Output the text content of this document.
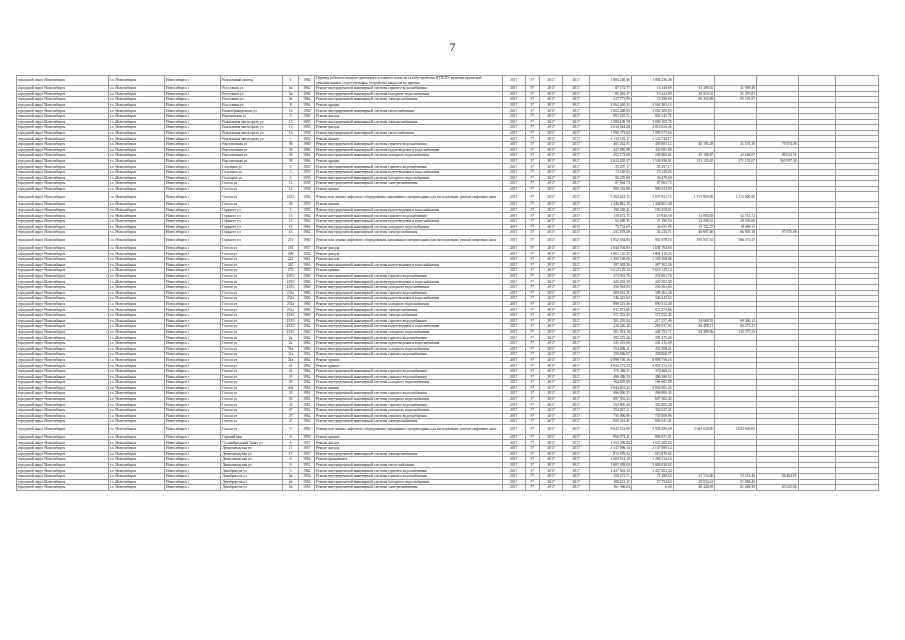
7
городской округ Новосибирск	г.о. Новосибирск	Новосибирск г	Вокзальный проезд	6	1962	Перевод рабочего газового/дизельного угольного котла на газ/обустройство ИТП/ПУ, включая проектной документации и сопутствующих, устройство пандусов на проемы	2017	5*	2017	2017	1 804 236,46	1 804 236,46					
городской округ Новосибирск	г.о. Новосибирск	Новосибирск г	Восстания ул	6а	1962	Ремонт внутридомовой инженерной системы горячего водоснабжения	2017	5*	2017	2017	87 172,77	14 149,69	31 389,92	41 958,40			
городской округ Новосибирск	г.о. Новосибирск	Новосибирск г	Восстания ул	6а	1962	Ремонт внутридомовой инженерной системы холодного водоснабжения	2017	5*	2017	2017	85 062,37	13 422,00	30 918,32	41 370,05			
городской округ Новосибирск	г.о. Новосибирск	Новосибирск г	Восстания ул	6а	1962	Ремонт внутридомовой инженерной системы электроснабжения	2017	5*	2017	2017	217 773,90	72 296,00	60 316,89	85 195,07			
городской округ Новосибирск	г.о. Новосибирск	Новосибирск г	Восстания ул	8	1962	Ремонт крыши	2017	5*	2017	2017	2 562 465,12	2 562 465,12					
городской округ Новосибирск	г.о. Новосибирск	Новосибирск г	Воинтернациональ ул	16	1960	Ремонт внутридомовой инженерной системы теплоснабжения	2017	5*	2017	2017	3 802 408,83	3 802 408,83					
городской округ Новосибирск	г.о. Новосибирск	Новосибирск г	Вертковская ул	9	1960	Ремонт фасада	2017	5*	2017	2017	801 545,71	801 545,71					
городской округ Новосибирск	г.о. Новосибирск	Новосибирск г	Вокзальная магистраль ул	15	1955	Ремонт внутридомовой инженерной системы электроснабжения	2017	5*	2017	2017	1 080 109,78	1 080 109,78					
городской округ Новосибирск	г.о. Новосибирск	Новосибирск г	Вокзальная магистраль ул	13	1959	Ремонт фасада	2017	5*	2017	2017	2 814 624,26	2 814 624,26					
городской округ Новосибирск	г.о. Новосибирск	Новосибирск г	Вокзальная магистраль ул	16	1958	Ремонт внутридомовой инженерной системы теплоснабжения	2017	5*	2017	2017	1 599 373,64	1 599 373,64					
городской округ Новосибирск	г.о. Новосибирск	Новосибирск г	Вокзальная магистраль ул	7	1952	Ремонт крыши	2017	5*	2017	2017	3 134 742,17	3 134 742,17					
городской округ Новосибирск	г.о. Новосибирск	Новосибирск г	Выставочная ул	36	1960	Ремонт внутридомовой инженерной системы горячего водоснабжения	2017	5*	2017	2017	465 262,91	405 005,12	40 193,28	41 193,18	79 974,08		
городской округ Новосибирск	г.о. Новосибирск	Новосибирск г	Выставочная ул	36	1960	Ремонт внутридомовой инженерной системы водоотведения и водоснабжения	2017	5*	2017	2017	447 085,08	447 085,08					
городской округ Новосибирск	г.о. Новосибирск	Новосибирск г	Выставочная ул	38	1964	Ремонт внутридомовой инженерной системы холодного водоснабжения	2017	5*	2017	2017	451 172,69	245 865,21	45 160,87	42 186,87	80 024,51		
городской округ Новосибирск	г.о. Новосибирск	Новосибирск г	Выставочная ул	38	1964	Ремонт крыши	2017	5*	2017	2017	2 623 205,47	1 526 936,91	371 135,65	371 135,67	363 997,44		
городской округ Новосибирск	г.о. Новосибирск	Новосибирск г	Галущака ул	3	1959	Ремонт внутридомовой инженерной системы горячего водоснабжения	2017	5*	2017	2017	35 297,17	35 297,17					
городской округ Новосибирск	г.о. Новосибирск	Новосибирск г	Галущака ул	3	1959	Ремонт внутридомовой инженерной системы водоотведения и водоснабжения	2017	5*	2017	2017	73 149,03	73 149,03					
городской округ Новосибирск	г.о. Новосибирск	Новосибирск г	Галущака ул	3	1959	Ремонт внутридомовой инженерной системы холодного водоснабжения	2017	5*	2017	2017	56 470,60	56 470,60					
городской округ Новосибирск	г.о. Новосибирск	Новосибирск г	Гоголя ул	12	1958	Ремонт внутридомовой инженерной системы электроснабжения	2017	5*	2017	2017	87 063,72	87 063,72					
городской округ Новосибирск	г.о. Новосибирск	Новосибирск г	Гоголя ул	12	1958	Ремонт крыши	2017	5*	2017	2017	980 333,90	980 333,90					
городской округ Новосибирск	г.о. Новосибирск	Новосибирск г	Гоголя ул	122/1	1962	Ремонт или замена лифтового оборудования, признанного непригодным для эксплуатации, ремонт лифтовых шахт	2017	5*	2017	2017	5 382 421,72	2 847 021,72	1 272 800,00	1 272 600,00			
городской округ Новосибирск	г.о. Новосибирск	Новосибирск г	Гоголя ул	30	1959	Ремонт крыши	2017	5*	2017	2017	1 448 861,38	1 448 861,38					
городской округ Новосибирск	г.о. Новосибирск	Новосибирск г	Горького ул	5	1959	Ремонт внутридомовой инженерной системы водоотведения и водоснабжения	2017	5*	2017	2017	190 458,41	190 458,41					
городской округ Новосибирск	г.о. Новосибирск	Новосибирск г	Горького ул	13	1962	Ремонт внутридомовой инженерной системы горячего водоснабжения	2017	5*	2017	2017	139 673,75	25 936,58	31 884,83	42 751,72			
городской округ Новосибирск	г.о. Новосибирск	Новосибирск г	Горького ул	13	1962	Ремонт внутридомовой инженерной системы водоотведения и водоснабжения	2017	5*	2017	2017	62 488,35	11 198,03	22 958,32	28 330,60			
городской округ Новосибирск	г.о. Новосибирск	Новосибирск г	Горького ул	13	1962	Ремонт внутридомовой инженерной системы холодного водоснабжения	2017	5*	2017	2017	75 722,65	34 655,95	13 352,37	18 499,11			
городской округ Новосибирск	г.о. Новосибирск	Новосибирск г	Горького ул	13	1962	Ремонт внутридомовой инженерной системы электроснабжения	2017	5*	2017	2017	231 578,38	41 235,71	40 697,60	66 805,18	87 676,88		
городской округ Новосибирск	г.о. Новосибирск	Новосибирск г	Горького ул	27а	1960	Ремонт или замена лифтового оборудования, признанного непригодным для эксплуатации, ремонт лифтовых шахт	2017	5*	2017	2017	1 852 454,93	961 978,74	395 937,52	566 375,47			
городской округ Новосибирск	г.о. Новосибирск	Новосибирск г	Гоголя ул	181	1957	Ремонт фасада	2017	5*	2017	2017	1 844 704,93	1 844 704,93					
городской округ Новосибирск	г.о. Новосибирск	Новосибирск г	Гоголя ул	209	1956	Ремонт фасада	2017	5*	2017	2017	1 861 110,35	1 861 110,35					
городской округ Новосибирск	г.о. Новосибирск	Новосибирск г	Гоголя ул	223	1961	Ремонт фасада	2017	5*	2017	2017	1 350 168,06	1 350 168,06					
городской округ Новосибирск	г.о. Новосибирск	Новосибирск г	Гоголя ул	245	1961	Ремонт внутридомовой инженерной системы водоотведения и водоснабжения	2017	5*	2017	2017	297 302,36	297 302,36					
городской округ Новосибирск	г.о. Новосибирск	Новосибирск г	Гоголя ул	279	1959	Ремонт крыши	2017	5*	2017	2017	3 614 129,14	3 614 129,14					
городской округ Новосибирск	г.о. Новосибирск	Новосибирск г	Гоголя ул	229/1	1960	Ремонт внутридомовой инженерной системы горячего водоснабжения	2017	5*	2017	2017	274 001,76	274 001,76					
городской округ Новосибирск	г.о. Новосибирск	Новосибирск г	Гоголя ул	229/1	1960	Ремонт внутридомовой инженерной системы водоотведения и водоснабжения	2017	5*	2017	2017	420 502,38	420 502,38					
городской округ Новосибирск	г.о. Новосибирск	Новосибирск г	Гоголя ул	229/1	1960	Ремонт внутридомовой инженерной системы холодного водоснабжения	2017	5*	2017	2017	256 563,83	256 563,83					
городской округ Новосибирск	г.о. Новосибирск	Новосибирск г	Гоголя ул	231а	1960	Ремонт внутридомовой инженерной системы горячего водоснабжения	2017	5*	2017	2017	309 261,36	309 261,36					
городской округ Новосибирск	г.о. Новосибирск	Новосибирск г	Гоголя ул	231а	1960	Ремонт внутридомовой инженерной системы водоотведения и водоснабжения	2017	5*	2017	2017	346 543,62	346 543,62					
городской округ Новосибирск	г.о. Новосибирск	Новосибирск г	Гоголя ул	231а	1960	Ремонт внутридомовой инженерной системы холодного водоснабжения	2017	5*	2017	2017	890 315,40	890 315,40					
городской округ Новосибирск	г.о. Новосибирск	Новосибирск г	Гоголя ул	231а	1960	Ремонт внутридомовой инженерной системы электроснабжения	2017	5*	2017	2017	811 873,86	811 873,86					
городской округ Новосибирск	г.о. Новосибирск	Новосибирск г	Гоголя ул	233/1	1960	Ремонт внутридомовой инженерной системы электроснабжения	2017	5*	2017	2017	571 052,45	571 052,45					
городской округ Новосибирск	г.о. Новосибирск	Новосибирск г	Гоголя ул	233/1	1962	Ремонт внутридомовой инженерной системы горячего водоснабжения	2017	5*	2017	2017	301 205,04	217 257,40	54 668,55	69 366,12			
городской округ Новосибирск	г.о. Новосибирск	Новосибирск г	Гоголя ул	233/1	1962	Ремонт внутридомовой инженерной системы водоотведения и водоснабжения	2017	5*	2017	2017	410 426,18	264 837,92	82 498,11	63 473,21			
городской округ Новосибирск	г.о. Новосибирск	Новосибирск г	Гоголя ул	233/1	1962	Ремонт внутридомовой инженерной системы холодного водоснабжения	2017	5*	2017	2017	261 913,10	446 783,71	82 389,56	125 370,23			
городской округ Новосибирск	г.о. Новосибирск	Новосибирск г	Гоголя ул	2а	1962	Ремонт внутридомовой инженерной системы горячего водоснабжения	2017	5*	2017	2017	395 475,26	395 475,26					
городской округ Новосибирск	г.о. Новосибирск	Новосибирск г	Гоголя ул	2а	1962	Ремонт внутридомовой инженерной системы водоотведения и водоснабжения	2017	5*	2017	2017	231 215,00	231 215,00					
городской округ Новосибирск	г.о. Новосибирск	Новосибирск г	Гоголя ул	31а	1962	Ремонт внутридомовой инженерной системы холодного водоснабжения	2017	5*	2017	2017	254 208,21	254 208,21					
городской округ Новосибирск	г.о. Новосибирск	Новосибирск г	Гоголя ул	31а	1962	Ремонт внутридомовой инженерной системы горячего водоснабжения	2017	5*	2017	2017	258 866,07	258 866,07					
городской округ Новосибирск	г.о. Новосибирск	Новосибирск г	Гоголя ул	31а	1962	Ремонт крыши	2017	5*	2017	2017	6 998 756,16	6 998 756,16					
городской округ Новосибирск	г.о. Новосибирск	Новосибирск г	Гоголя ул	41	1962	Ремонт крыши	2017	5*	2017	2017	4 922 474,53	4 922 474,53					
городской округ Новосибирск	г.о. Новосибирск	Новосибирск г	Гоголя ул	41	1962	Ремонт внутридомовой инженерной системы горячего водоснабжения	2017	5*	2017	2017	370 468,11	370 468,11					
городской округ Новосибирск	г.о. Новосибирск	Новосибирск г	Гоголя ул	43	1962	Ремонт внутридомовой инженерной системы горячего водоснабжения	2017	5*	2017	2017	496 386,52	496 386,52					
городской округ Новосибирск	г.о. Новосибирск	Новосибирск г	Гоголя ул	43	1962	Ремонт внутридомовой инженерной системы холодного водоснабжения	2017	5*	2017	2017	164 605,99	164 605,99					
городской округ Новосибирск	г.о. Новосибирск	Новосибирск г	Гоголя ул	43а	1962	Ремонт крыши	2017	5*	2017	2017	3 844 601,22	3 844 601,22					
городской округ Новосибирск	г.о. Новосибирск	Новосибирск г	Гоголя ул	43	1961	Ремонт внутридомовой инженерной системы горячего водоснабжения	2017	5*	2017	2017	496 000,35	496 000,35					
городской округ Новосибирск	г.о. Новосибирск	Новосибирск г	Гоголя ул	43	1961	Ремонт внутридомовой инженерной системы холодного водоснабжения	2017	5*	2017	2017	697 502,43	697 502,43					
городской округ Новосибирск	г.о. Новосибирск	Новосибирск г	Гоголя ул	43	1961	Ремонт внутридомовой инженерной системы горячего водоснабжения	2017	5*	2017	2017	392 805,40	392 805,40					
городской округ Новосибирск	г.о. Новосибирск	Новосибирск г	Гоголя ул	47	1962	Ремонт внутридомовой инженерной системы холодного водоснабжения	2017	5*	2017	2017	354 027,21	354 027,21					
городской округ Новосибирск	г.о. Новосибирск	Новосибирск г	Гоголя ул	47	1962	Ремонт внутридомовой инженерной системы горячего водоснабжения	2017	5*	2017	2017	735 000,06	735 000,06					
городской округ Новосибирск	г.о. Новосибирск	Новосибирск г	Гоголя ул	47	1962	Ремонт внутридомовой инженерной системы электроснабжения	2017	5*	2017	2017	600 441,41	600 441,41					
городской округ Новосибирск	г.о. Новосибирск	Новосибирск г	Гоголя ул	9	1962	Ремонт или замена лифтового оборудования, признанного непригодным для эксплуатации, ремонт лифтовых шахт	2017	5*	2017	2017	9 645 512,00	3 958 280,00	3 043 020,00	3 043 020,00			
городской округ Новосибирск	г.о. Новосибирск	Новосибирск г	Горский мкр	9	1992	Ремонт крыши	2017	5*	2017	2017	896 973,41	896 973,41					
городской округ Новосибирск	г.о. Новосибирск	Новосибирск г	Гусинобродский Тракт ул	6	1957	Ремонт фасада	2017	5*	2017	2017	1 553 209,84	1 553 209,84					
городской округ Новосибирск	г.о. Новосибирск	Новосибирск г	Дачнозаводская ул	17	1957	Ремонт фасада	2017	5*	2017	2017	2 147 806,14	2 147 806,14					
городской округ Новосибирск	г.о. Новосибирск	Новосибирск г	Дачнозаводская ул	17	1957	Ремонт внутридомовой инженерной системы электроснабжения	2017	5*	2017	2017	815 876,02	815 876,02					
городской округ Новосибирск	г.о. Новосибирск	Новосибирск г	Дачнозаводская ул	6	1952	Ремонт фундамента	2017	5*	2017	2017	1 204 514,15	1 204 514,15					
городской округ Новосибирск	г.о. Новосибирск	Новосибирск г	Дачнозаводская ул	6	1952	Ремонт внутридомовой инженерной системы теплоснабжения	2017	5*	2017	2017	5 603 038,02	5 603 038,02					
городской округ Новосибирск	г.о. Новосибирск	Новосибирск г	Декабристов ул	5	1962	Ремонт внутридомовой инженерной системы горячего водоснабжения	2017	5*	2017	2017	2 437 663,34	2 437 663,34					
городской округ Новосибирск	г.о. Новосибирск	Новосибирск г	Декабристов ул	6а	1954	Ремонт внутридомовой инженерной системы горячего водоснабжения	2017	5*	2017	2017	156 272,71	71 289,54	31 514,46	53 514,46	86 404,87		
городской округ Новосибирск	г.о. Новосибирск	Новосибирск г	Декабристов ул	6а	1954	Ремонт внутридомовой инженерной системы холодного водоснабжения	2017	5*	2017	2017	198 651,17	57 754,63	29 934,41	51 838,46			
городской округ Новосибирск	г.о. Новосибирск	Новосибирск г	Декабристов ул	6а	1954	Ремонт внутридомовой инженерной системы электроснабжения	2017	5*	2017	2017	161 306,04	0,00	40 428,39	61 428,39	65 025,84		
